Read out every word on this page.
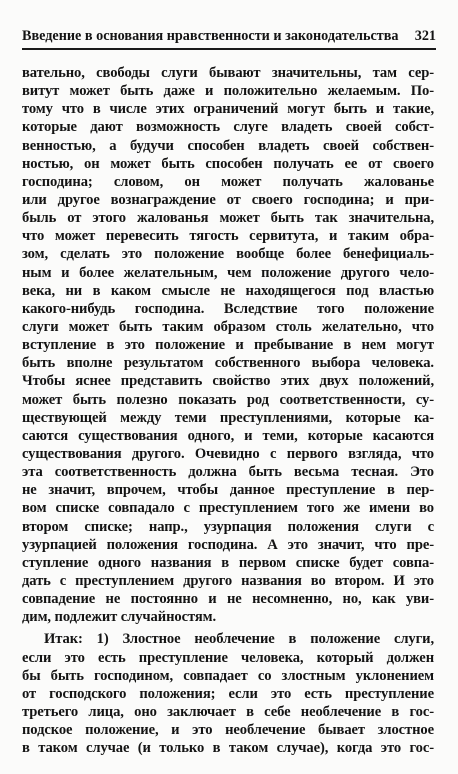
Введение в основания нравственности и законодательства 321
вательно, свободы слуги бывают значительны, там сер-
витут может быть даже и положительно желаемым. По-
тому что в числе этих ограничений могут быть и такие,
которые дают возможность слуге владеть своей собст-
венностью, а будучи способен владеть своей собствен-
ностью, он может быть способен получать ее от своего
господина; словом, он может получать жалованье
или другое вознаграждение от своего господина; и при-
быль от этого жалованья может быть так значительна,
что может перевесить тягость сервитута, и таким обра-
зом, сделать это положение вообще более бенефициаль-
ным и более желательным, чем положение другого чело-
века, ни в каком смысле не находящегося под властью
какого-нибудь господина. Вследствие того положение
слуги может быть таким образом столь желательно, что
вступление в это положение и пребывание в нем могут
быть вполне результатом собственного выбора человека.
Чтобы яснее представить свойство этих двух положений,
может быть полезно показать род соответственности, су-
ществующей между теми преступлениями, которые ка-
саются существования одного, и теми, которые касаются
существования другого. Очевидно с первого взгляда, что
эта соответственность должна быть весьма тесная. Это
не значит, впрочем, чтобы данное преступление в пер-
вом списке совпадало с преступлением того же имени во
втором списке; напр., узурпация положения слуги с
узурпацией положения господина. А это значит, что пре-
ступление одного названия в первом списке будет совпа-
дать с преступлением другого названия во втором. И это
совпадение не постоянно и не несомненно, но, как уви-
дим, подлежит случайностям.
Итак: 1) Злостное необлечение в положение слуги,
если это есть преступление человека, который должен
бы быть господином, совпадает со злостным уклонением
от господского положения; если это есть преступление
третьего лица, оно заключает в себе необлечение в гос-
подское положение, и это необлечение бывает злостное
в таком случае (и только в таком случае), когда это гос-
